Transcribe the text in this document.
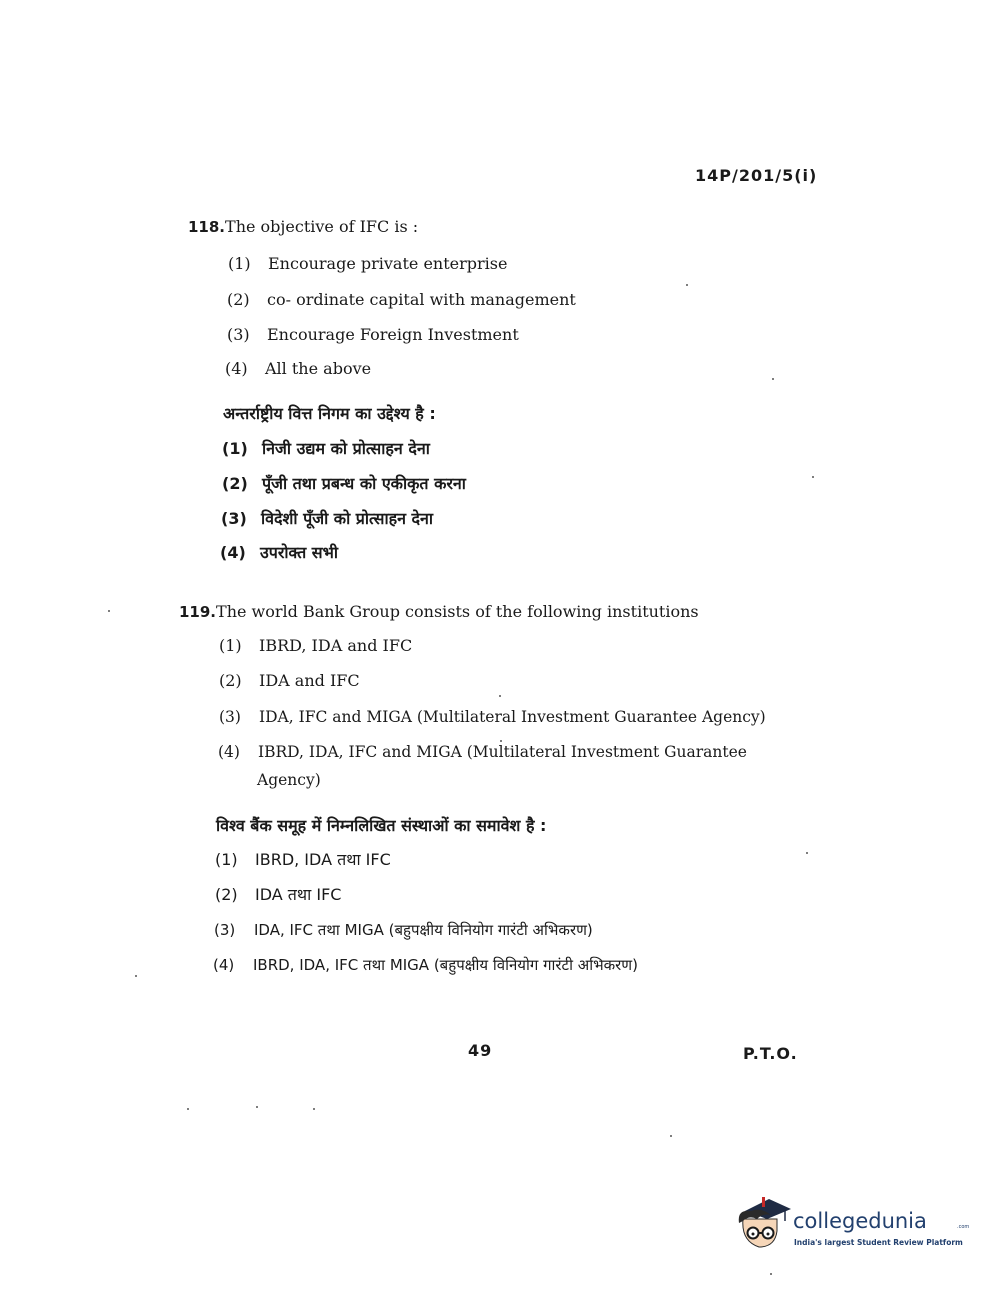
14P/201/5(i)
118.The objective of IFC is :
(1) Encourage private enterprise
(2) co- ordinate capital with management
(3) Encourage Foreign Investment
(4) All the above
अन्तर्राष्ट्रीय वित्त निगम का उद्देश्य है :
(1) निजी उद्यम को प्रोत्साहन देना
(2) पूँजी तथा प्रबन्ध को एकीकृत करना
(3) विदेशी पूँजी को प्रोत्साहन देना
(4) उपरोक्त सभी
119.The world Bank Group consists of the following institutions
(1) IBRD, IDA and IFC
(2) IDA and IFC
(3) IDA, IFC and MIGA (Multilateral Investment Guarantee Agency)
(4) IBRD, IDA, IFC and MIGA (Multilateral Investment Guarantee
Agency)
विश्व बैंक समूह में निम्नलिखित संस्थाओं का समावेश है :
(1) IBRD, IDA तथा IFC
(2) IDA तथा IFC
(3) IDA, IFC तथा MIGA (बहुपक्षीय विनियोग गारंटी अभिकरण)
(4) IBRD, IDA, IFC तथा MIGA (बहुपक्षीय विनियोग गारंटी अभिकरण)
49	P.T.O.
collegedunia	.com
India's largest Student Review Platform
